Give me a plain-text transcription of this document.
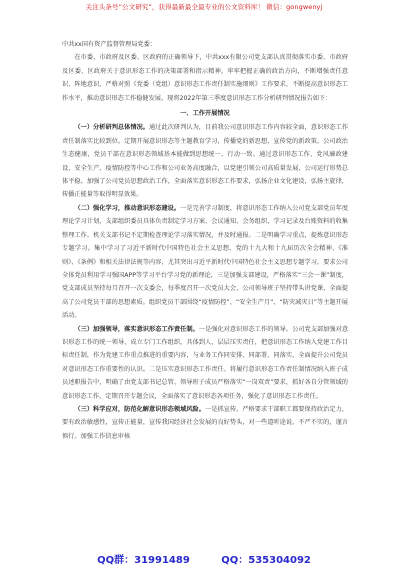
关注头条号“公文研究”，获得最新最全最专业的公文资料库！ 微信：gongwenyj

中共xx国有资产监督管理局党委：

在市委、市政府及区委、区政府的正确领导下，中共xxx有限公司党支部认真贯彻落实市委、市政府及区委、区政府关于意识形态工作的决策部署和指示精神，牢牢把握正确的政治方向，不断增强责任意识、阵地意识，严格对照《党委（党组）意识形态工作责任制实施细则》工作要求，不断提高意识形态工作水平，推动意识形态工作稳健发展。现将2022年第三季度意识形态工作分析研判情况报告如下：

一、工作开展情况

（一）分析研判总体情况。通过此次研判认为，目前我公司意识形态工作内容较全面，意识形态工作责任制落实比较到位。定期开展意识形态等主题教育学习，传播党的新思想，宣传党的新政策。公司政治生态健康，党员干部在意识形态领域基本能做到思想统一、行动一致。通过意识形态工作、党风廉政建设、安全生产、疫情防控等中心工作和公司业务高度融合，以党建引领公司高质量发展，公司运行形势总体平稳。加强了公司党员思想政治工作，全面落实意识形态工作要求，弘扬企业文化建设，弘扬主旋律，传播正能量等取得明显效果。

（二）强化学习，推动意识形态建设。一是完善学习制度，将意识形态工作纳入公司党支部党员年度理论学习计划，支部组织委员具体负责制定学习方案、会议通知、会务组织、学习记录及台账资料的收集整理工作。机关支部书记不定期检查理论学习落实情况，并及时通报。二是明确学习重点，提炼意识形态专题学习。集中学习了习近平新时代中国特色社会主义思想、党的十九大和十九届历次全会精神、《准则》、《条例》和相关法律法规等内容，尤其突出习近平新时代中国特色社会主义思想专题学习。要求公司全体党员利用学习强国APP等学习平台学习党的新理论，三是加强支部建设，严格落实“三会一课”制度，党支部成员坚持每月召开一次支委会，每季度召开一次党员大会，公司领导班子坚持带头讲党课，全面提高了公司党员干部的思想素质。组织党员干部围绕“疫情防控”、“安全生产月”、“防灾减灾日”等主题开展活动。

（三）加强领导，落实意识形态工作责任制。一是强化对意识形态工作的领导。公司党支部加强对意识形态工作的统一领导，成立专门工作组织，具体到人，层层压实责任，把意识形态工作纳入党建工作目标责任制，作为党建工作重点推进的重要内容，与业务工作同安排、同部署、同落实，全面提升公司党员对意识形态工作重要性的认识。二是压实意识形态工作责任。将履行意识形态工作责任制情况纳入班子成员述职报告中，明确了由党支部书记总管、领导班子成员严格落实“一岗双责”要求，抓好各自分管领域的意识形态工作，定期召开专题会议，全面落实了意识形态各项任务，强化了意识形态工作责任。

（三）科学应对，防范化解意识形态领域风险。一是抓宣传。严格要求干部职工都要保持政治定力，要有政治敏感性，宣传正能量，宣传我国经济社会发展的良好势头，对一些道听途说、不严不实的，谨言慎行。加强工作信息审核

QQ群：31991489	QQ：535304092
